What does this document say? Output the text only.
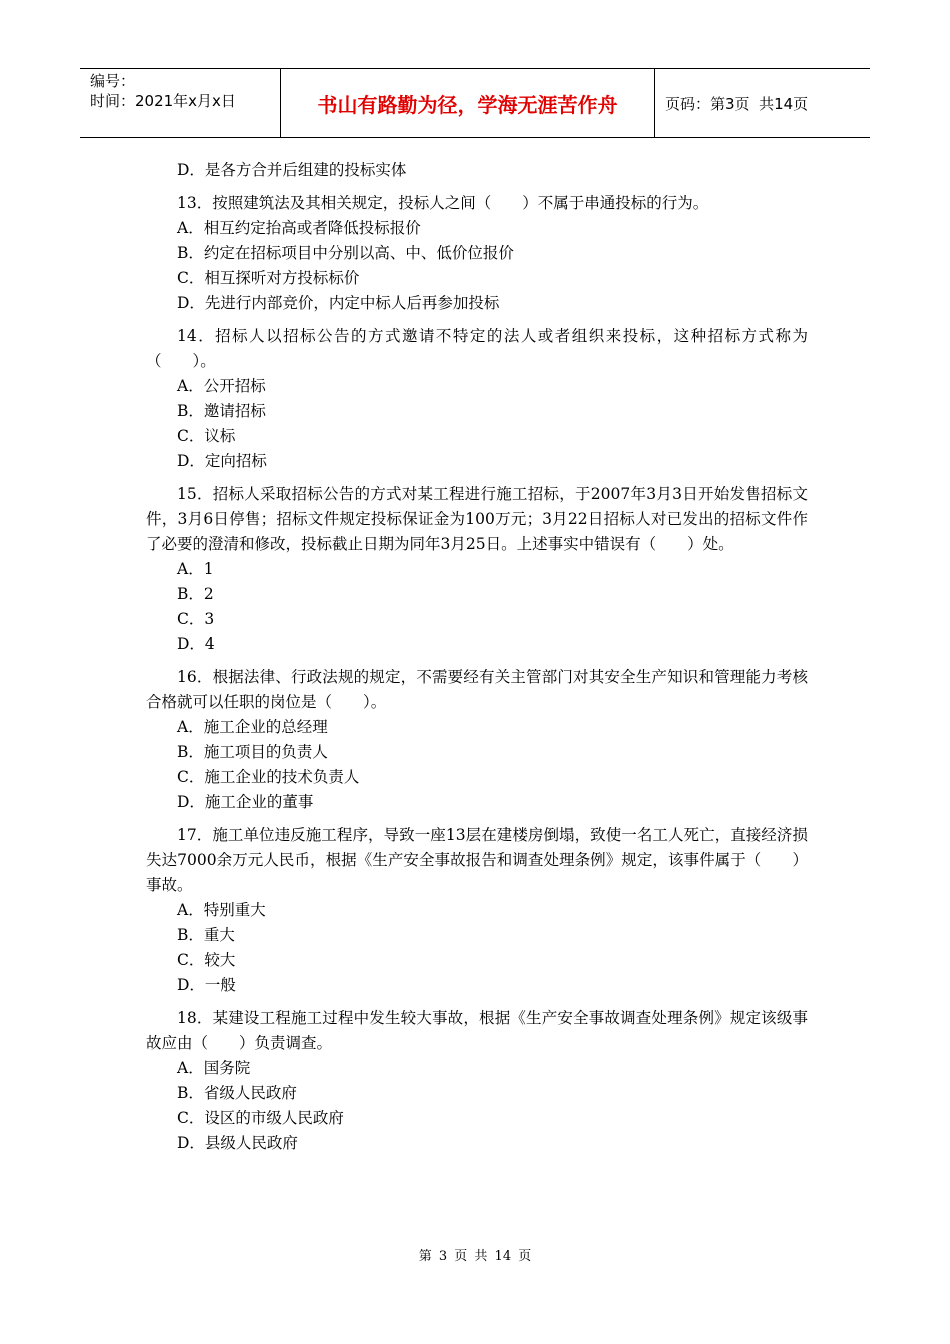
编号：
时间：2021年x月x日	书山有路勤为径，学海无涯苦作舟	页码：第3页  共14页
D．是各方合并后组建的投标实体
13．按照建筑法及其相关规定，投标人之间（　　）不属于串通投标的行为。
A．相互约定抬高或者降低投标报价
B．约定在招标项目中分别以高、中、低价位报价
C．相互探听对方投标标价
D．先进行内部竞价，内定中标人后再参加投标
14．招标人以招标公告的方式邀请不特定的法人或者组织来投标，这种招标方式称为（　　）。
A．公开招标
B．邀请招标
C．议标
D．定向招标
15．招标人采取招标公告的方式对某工程进行施工招标，于2007年3月3日开始发售招标文件，3月6日停售；招标文件规定投标保证金为100万元；3月22日招标人对已发出的招标文件作了必要的澄清和修改，投标截止日期为同年3月25日。上述事实中错误有（　　）处。
A．1
B．2
C．3
D．4
16．根据法律、行政法规的规定，不需要经有关主管部门对其安全生产知识和管理能力考核合格就可以任职的岗位是（　　）。
A．施工企业的总经理
B．施工项目的负责人
C．施工企业的技术负责人
D．施工企业的董事
17．施工单位违反施工程序，导致一座13层在建楼房倒塌，致使一名工人死亡，直接经济损失达7000余万元人民币，根据《生产安全事故报告和调查处理条例》规定，该事件属于（　　）事故。
A．特别重大
B．重大
C．较大
D．一般
18．某建设工程施工过程中发生较大事故，根据《生产安全事故调查处理条例》规定该级事故应由（　　）负责调查。
A．国务院
B．省级人民政府
C．设区的市级人民政府
D．县级人民政府
第 3 页 共 14 页
